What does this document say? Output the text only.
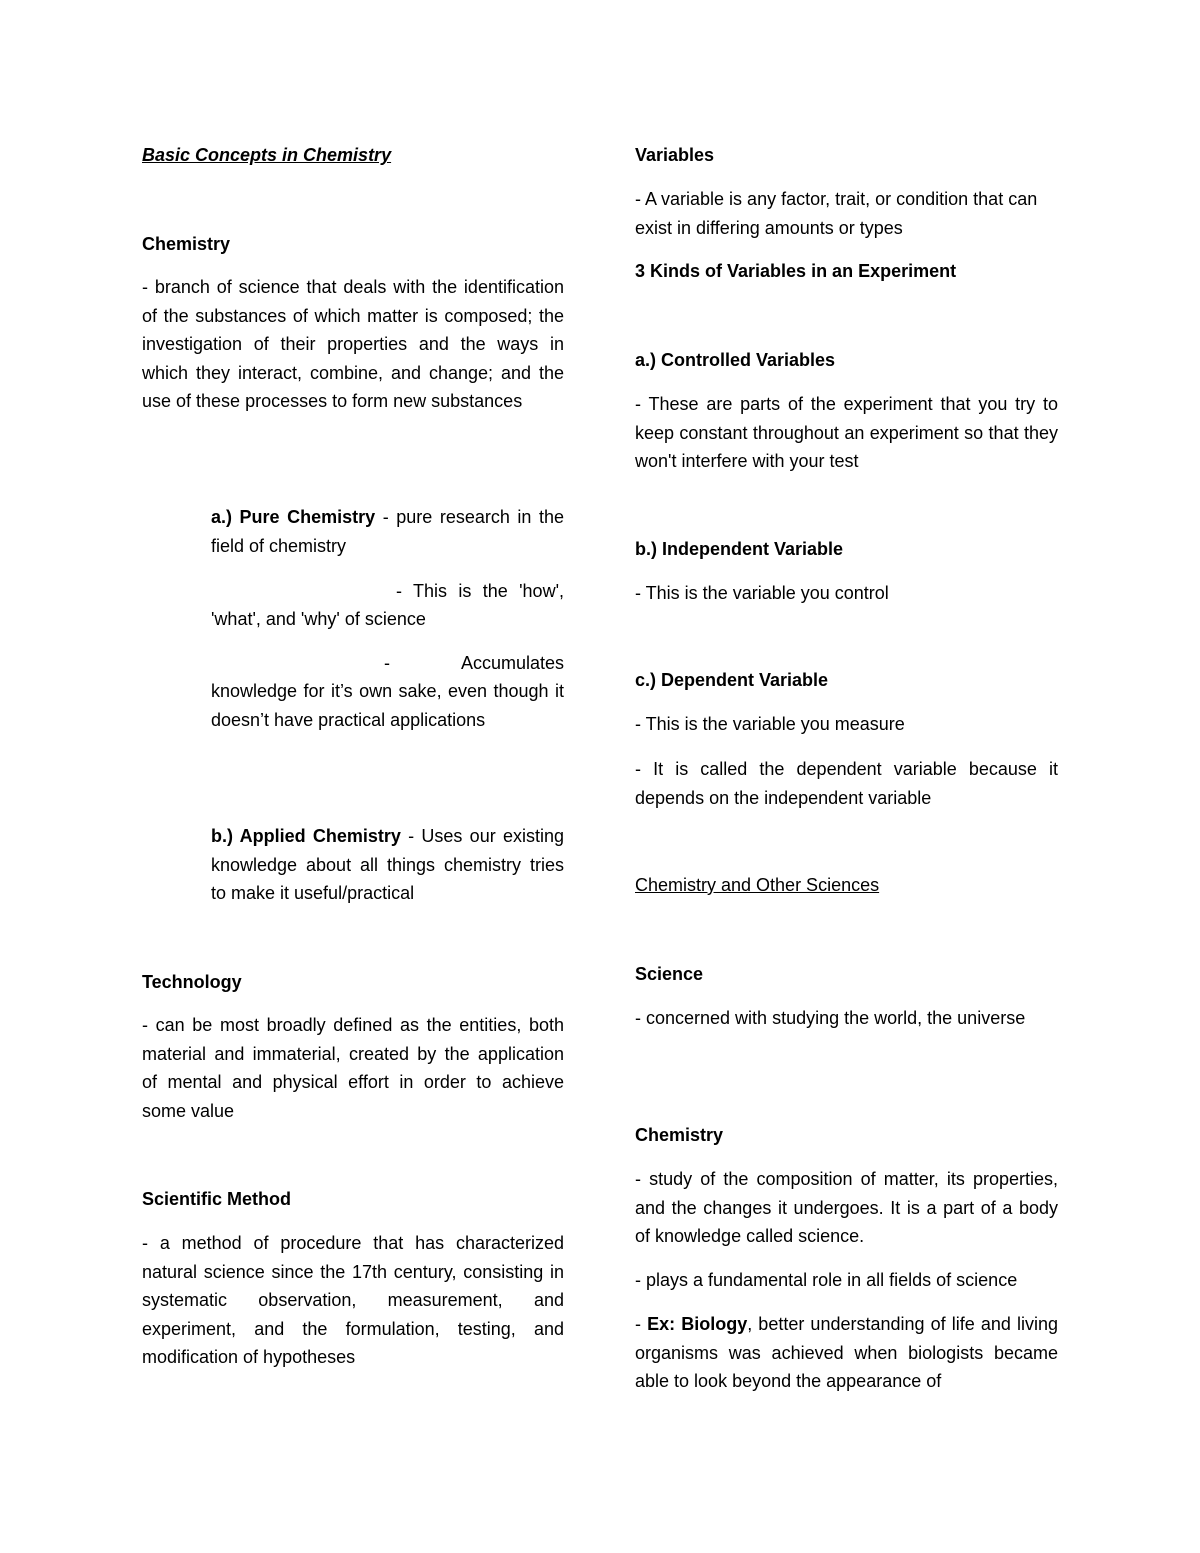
Basic Concepts in Chemistry
Chemistry
- branch of science that deals with the identification of the substances of which matter is composed; the investigation of their properties and the ways in which they interact, combine, and change; and the use of these processes to form new substances
a.) Pure Chemistry - pure research in the field of chemistry
- This is the 'how',
'what', and 'why' of science
- Accumulates
knowledge for it’s own sake, even though it doesn’t have practical applications
b.) Applied Chemistry - Uses our existing knowledge about all things chemistry tries to make it useful/practical
Technology
- can be most broadly defined as the entities, both material and immaterial, created by the application of mental and physical effort in order to achieve some value
Scientific Method
- a method of procedure that has characterized natural science since the 17th century, consisting in systematic observation, measurement, and experiment, and the formulation, testing, and modification of hypotheses
Variables
- A variable is any factor, trait, or condition that can exist in differing amounts or types
3 Kinds of Variables in an Experiment
a.) Controlled Variables
- These are parts of the experiment that you try to keep constant throughout an experiment so that they won't interfere with your test
b.) Independent Variable
- This is the variable you control
c.) Dependent Variable
- This is the variable you measure
- It is called the dependent variable because it depends on the independent variable
Chemistry and Other Sciences
Science
- concerned with studying the world, the universe
Chemistry
- study of the composition of matter, its properties, and the changes it undergoes. It is a part of a body of knowledge called science.
- plays a fundamental role in all fields of science
- Ex: Biology, better understanding of life and living organisms was achieved when biologists became able to look beyond the appearance of
